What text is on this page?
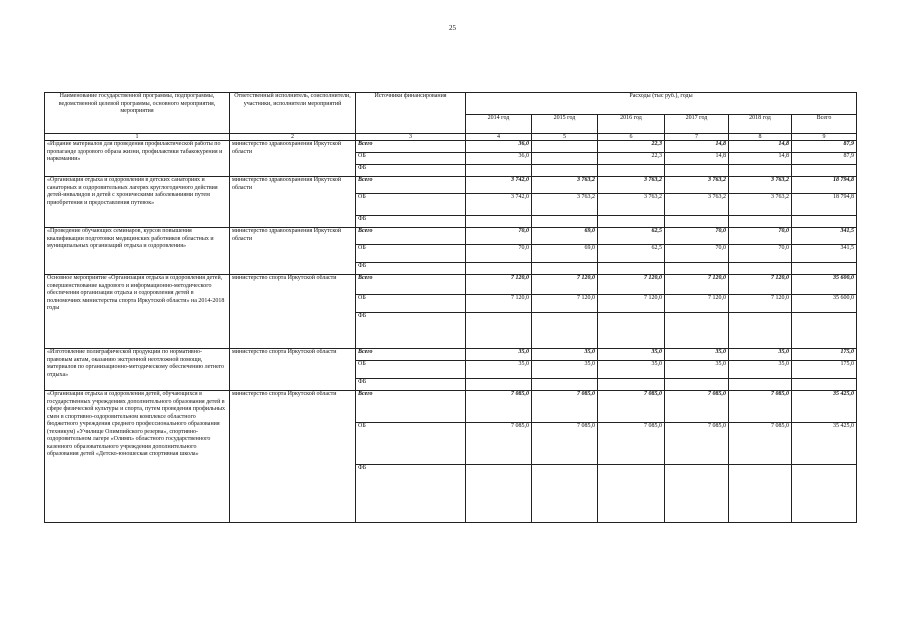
25
Наименование государственной программы, подпрограммы, ведомственной целевой программы, основного мероприятия, мероприятия	Ответственный исполнитель, соисполнители, участники, исполнители мероприятий	Источники финансирования	Расходы (тыс руб.), годы					
			2014 год	2015 год	2016 год	2017 год	2018 год	Всего
1	2	3	4	5	6	7	8	9
«Издание материалов для проведения профилактической работы по пропаганде здорового образа жизни, профилактики табакокурения и наркомании»	министерство здравоохранения Иркутской области	Всего	36,0		22,3	14,8	14,8	87,9
		ОБ	36,0		22,3	14,8	14,8	87,9
		ФБ						
«Организация отдыха и оздоровления в детских санаториях и санаторных и оздоровительных лагерях круглогодичного действия детей-инвалидов и детей с хроническими заболеваниями путем приобретения и предоставления путевок»	министерство здравоохранения Иркутской области	Всего	3 742,0	3 763,2	3 763,2	3 763,2	3 763,2	18 794,8
		ОБ	3 742,0	3 763,2	3 763,2	3 763,2	3 763,2	18 794,8
		ФБ						
«Проведение обучающих семинаров, курсов повышения квалификации подготовки медицинских работников областных и муниципальных организаций отдыха и оздоровления»	министерство здравоохранения Иркутской области	Всего	70,0	69,0	62,5	70,0	70,0	341,5
		ОБ	70,0	69,0	62,5	70,0	70,0	341,5
		ФБ						
Основное мероприятие «Организация отдыха и оздоровления детей, совершенствование кадрового и информационно-методического обеспечения организации отдыха и оздоровления детей в полномочиях министерства спорта Иркутской области» на 2014-2018 годы	министерство спорта Иркутской области	Всего	7 120,0	7 120,0	7 120,0	7 120,0	7 120,0	35 600,0
		ОБ	7 120,0	7 120,0	7 120,0	7 120,0	7 120,0	35 600,0
		ФБ						
«Изготовление полиграфической продукции по нормативно-правовым актам, оказанию экстренной неотложной помощи, материалов по организационно-методическому обеспечению летнего отдыха»	министерство спорта Иркутской области	Всего	35,0	35,0	35,0	35,0	35,0	175,0
		ОБ	35,0	35,0	35,0	35,0	35,0	175,0
		ФБ						
«Организация отдыха и оздоровления детей, обучающихся в государственных учреждениях дополнительного образования детей в сфере физической культуры и спорта, путем проведения профильных смен в спортивно-оздоровительном комплексе областного бюджетного учреждения среднего профессионального образования (техникум) «Училище Олимпийского резерва», спортивно-оздоровительном лагере «Олимп» областного государственного казенного образовательного учреждения дополнительного образования детей «Детско-юношеская спортивная школа»	министерство спорта Иркутской области	Всего	7 085,0	7 085,0	7 085,0	7 085,0	7 085,0	35 425,0
		ОБ	7 085,0	7 085,0	7 085,0	7 085,0	7 085,0	35 425,0
		ФБ						
